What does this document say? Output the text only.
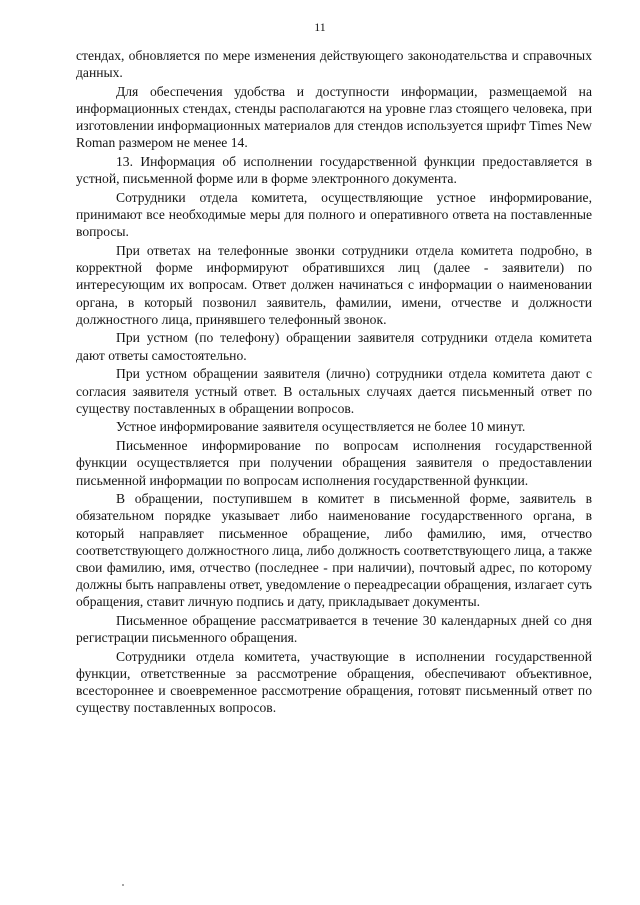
11

стендах, обновляется по мере изменения действующего законодательства и справочных данных.

Для обеспечения удобства и доступности информации, размещаемой на информационных стендах, стенды располагаются на уровне глаз стоящего человека, при изготовлении информационных материалов для стендов используется шрифт Times New Roman размером не менее 14.

13. Информация об исполнении государственной функции предоставляется в устной, письменной форме или в форме электронного документа.

Сотрудники отдела комитета, осуществляющие устное информирование, принимают все необходимые меры для полного и оперативного ответа на поставленные вопросы.

При ответах на телефонные звонки сотрудники отдела комитета подробно, в корректной форме информируют обратившихся лиц (далее - заявители) по интересующим их вопросам. Ответ должен начинаться с информации о наименовании органа, в который позвонил заявитель, фамилии, имени, отчестве и должности должностного лица, принявшего телефонный звонок.

При устном (по телефону) обращении заявителя сотрудники отдела комитета дают ответы самостоятельно.

При устном обращении заявителя (лично) сотрудники отдела комитета дают с согласия заявителя устный ответ. В остальных случаях дается письменный ответ по существу поставленных в обращении вопросов.

Устное информирование заявителя осуществляется не более 10 минут.

Письменное информирование по вопросам исполнения государственной функции осуществляется при получении обращения заявителя о предоставлении письменной информации по вопросам исполнения государственной функции.

В обращении, поступившем в комитет в письменной форме, заявитель в обязательном порядке указывает либо наименование государственного органа, в который направляет письменное обращение, либо фамилию, имя, отчество соответствующего должностного лица, либо должность соответствующего лица, а также свои фамилию, имя, отчество (последнее - при наличии), почтовый адрес, по которому должны быть направлены ответ, уведомление о переадресации обращения, излагает суть обращения, ставит личную подпись и дату, прикладывает документы.

Письменное обращение рассматривается в течение 30 календарных дней со дня регистрации письменного обращения.

Сотрудники отдела комитета, участвующие в исполнении государственной функции, ответственные за рассмотрение обращения, обеспечивают объективное, всестороннее и своевременное рассмотрение обращения, готовят письменный ответ по существу поставленных вопросов.
